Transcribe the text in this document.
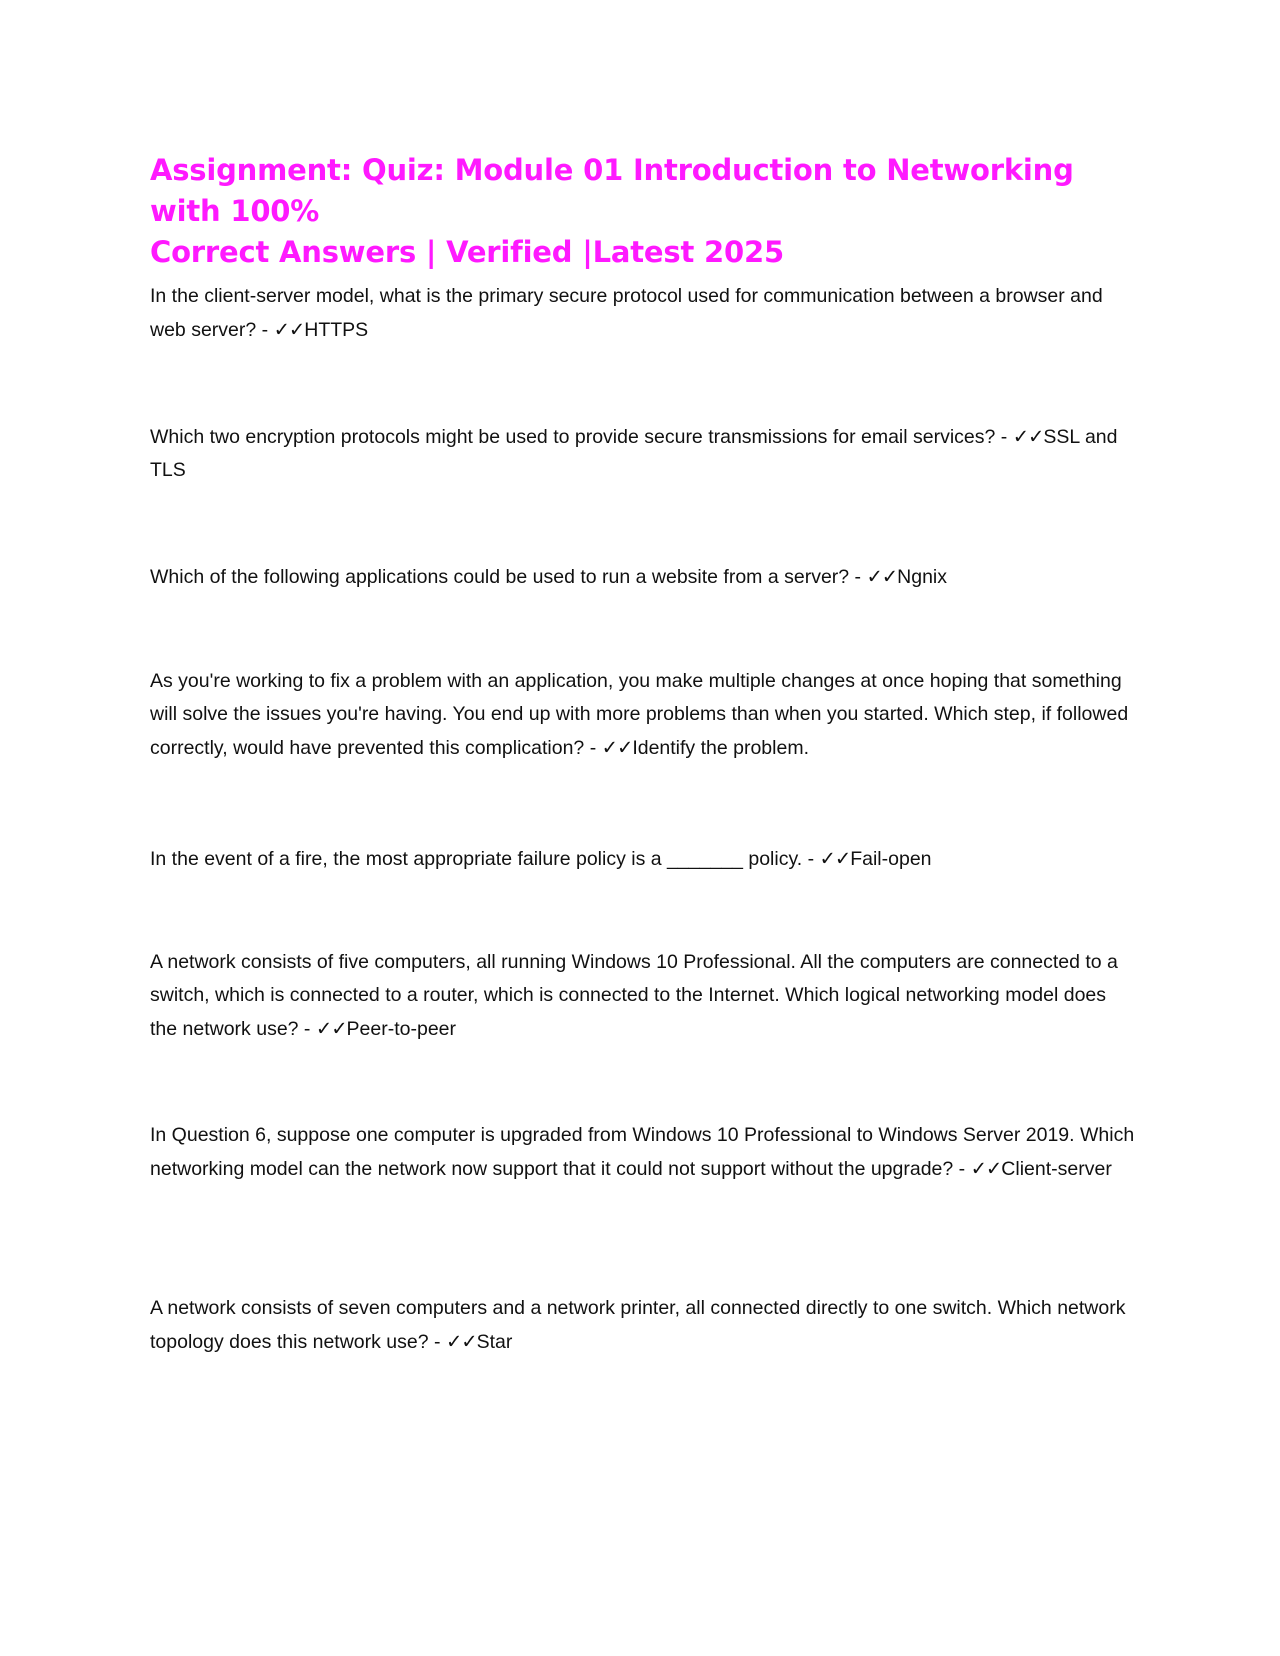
Assignment: Quiz: Module 01 Introduction to Networking with 100%
Correct Answers | Verified |Latest 2025

In the client-server model, what is the primary secure protocol used for communication between a browser and web server? - ✓✓HTTPS

Which two encryption protocols might be used to provide secure transmissions for email services? - ✓✓SSL and TLS

Which of the following applications could be used to run a website from a server? - ✓✓Ngnix

As you're working to fix a problem with an application, you make multiple changes at once hoping that something will solve the issues you're having. You end up with more problems than when you started. Which step, if followed correctly, would have prevented this complication? - ✓✓Identify the problem.

In the event of a fire, the most appropriate failure policy is a _______ policy. - ✓✓Fail-open

A network consists of five computers, all running Windows 10 Professional. All the computers are connected to a switch, which is connected to a router, which is connected to the Internet. Which logical networking model does the network use? - ✓✓Peer-to-peer

In Question 6, suppose one computer is upgraded from Windows 10 Professional to Windows Server 2019. Which networking model can the network now support that it could not support without the upgrade? - ✓✓Client-server

A network consists of seven computers and a network printer, all connected directly to one switch. Which network topology does this network use? - ✓✓Star
